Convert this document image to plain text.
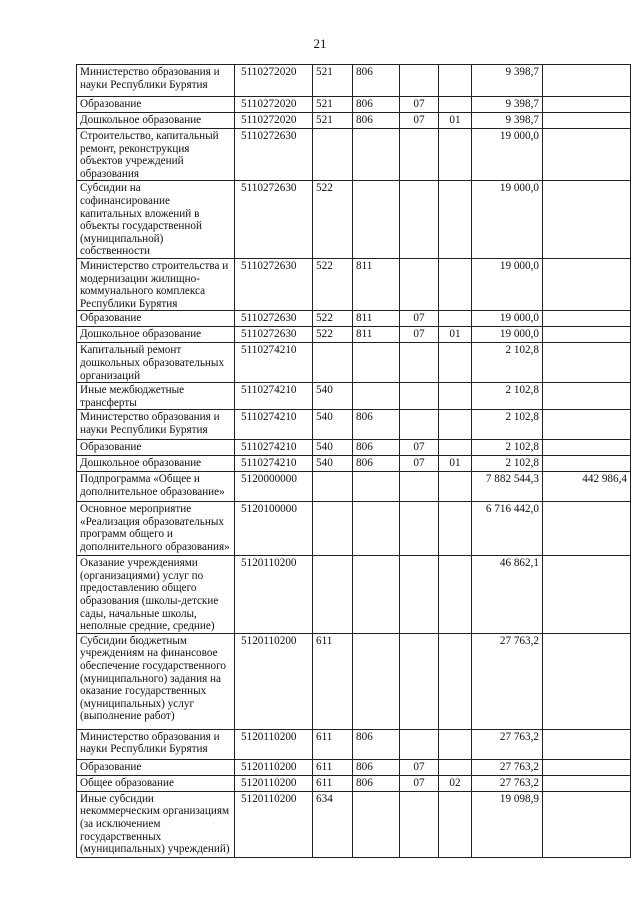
21
Министерство образования и науки Республики Бурятия	5110272020	521	806			9 398,7	
Образование	5110272020	521	806	07		9 398,7	
Дошкольное образование	5110272020	521	806	07	01	9 398,7	
Строительство, капитальный ремонт, реконструкция объектов учреждений образования	5110272630					19 000,0	
Субсидии на софинансирование капитальных вложений в объекты государственной (муниципальной) собственности	5110272630	522				19 000,0	
Министерство строительства и модернизации жилищно-коммунального комплекса Республики Бурятия	5110272630	522	811			19 000,0	
Образование	5110272630	522	811	07		19 000,0	
Дошкольное образование	5110272630	522	811	07	01	19 000,0	
Капитальный ремонт дошкольных образовательных организаций	5110274210					2 102,8	
Иные межбюджетные трансферты	5110274210	540				2 102,8	
Министерство образования и науки Республики Бурятия	5110274210	540	806			2 102,8	
Образование	5110274210	540	806	07		2 102,8	
Дошкольное образование	5110274210	540	806	07	01	2 102,8	
Подпрограмма «Общее и дополнительное образование»	5120000000					7 882 544,3	442 986,4
Основное мероприятие «Реализация образовательных программ общего и дополнительного образования»	5120100000					6 716 442,0	
Оказание учреждениями (организациями) услуг по предоставлению общего образования (школы-детские сады, начальные школы, неполные средние, средние)	5120110200					46 862,1	
Субсидии бюджетным учреждениям на финансовое обеспечение государственного (муниципального) задания на оказание государственных (муниципальных) услуг (выполнение работ)	5120110200	611				27 763,2	
Министерство образования и науки Республики Бурятия	5120110200	611	806			27 763,2	
Образование	5120110200	611	806	07		27 763,2	
Общее образование	5120110200	611	806	07	02	27 763,2	
Иные субсидии некоммерческим организациям (за исключением государственных (муниципальных) учреждений)	5120110200	634				19 098,9	
